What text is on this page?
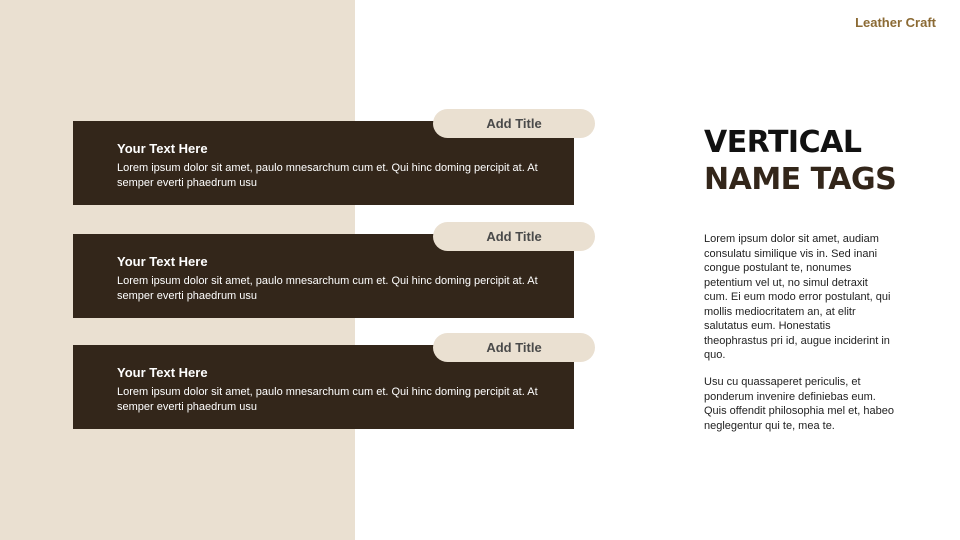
Leather Craft
Your Text Here
Lorem ipsum dolor sit amet, paulo mnesarchum cum et. Qui hinc doming percipit at. At semper everti phaedrum usu
Add Title
Your Text Here
Lorem ipsum dolor sit amet, paulo mnesarchum cum et. Qui hinc doming percipit at. At semper everti phaedrum usu
Add Title
Your Text Here
Lorem ipsum dolor sit amet, paulo mnesarchum cum et. Qui hinc doming percipit at. At semper everti phaedrum usu
Add Title
VERTICAL
NAME TAGS
Lorem ipsum dolor sit amet, audiam consulatu similique vis in. Sed inani congue postulant te, nonumes petentium vel ut, no simul detraxit cum. Ei eum modo error postulant, qui mollis mediocritatem an, at elitr salutatus eum. Honestatis theophrastus pri id, augue inciderint in quo.
Usu cu quassaperet periculis, et ponderum invenire definiebas eum. Quis offendit philosophia mel et, habeo neglegentur qui te, mea te.
